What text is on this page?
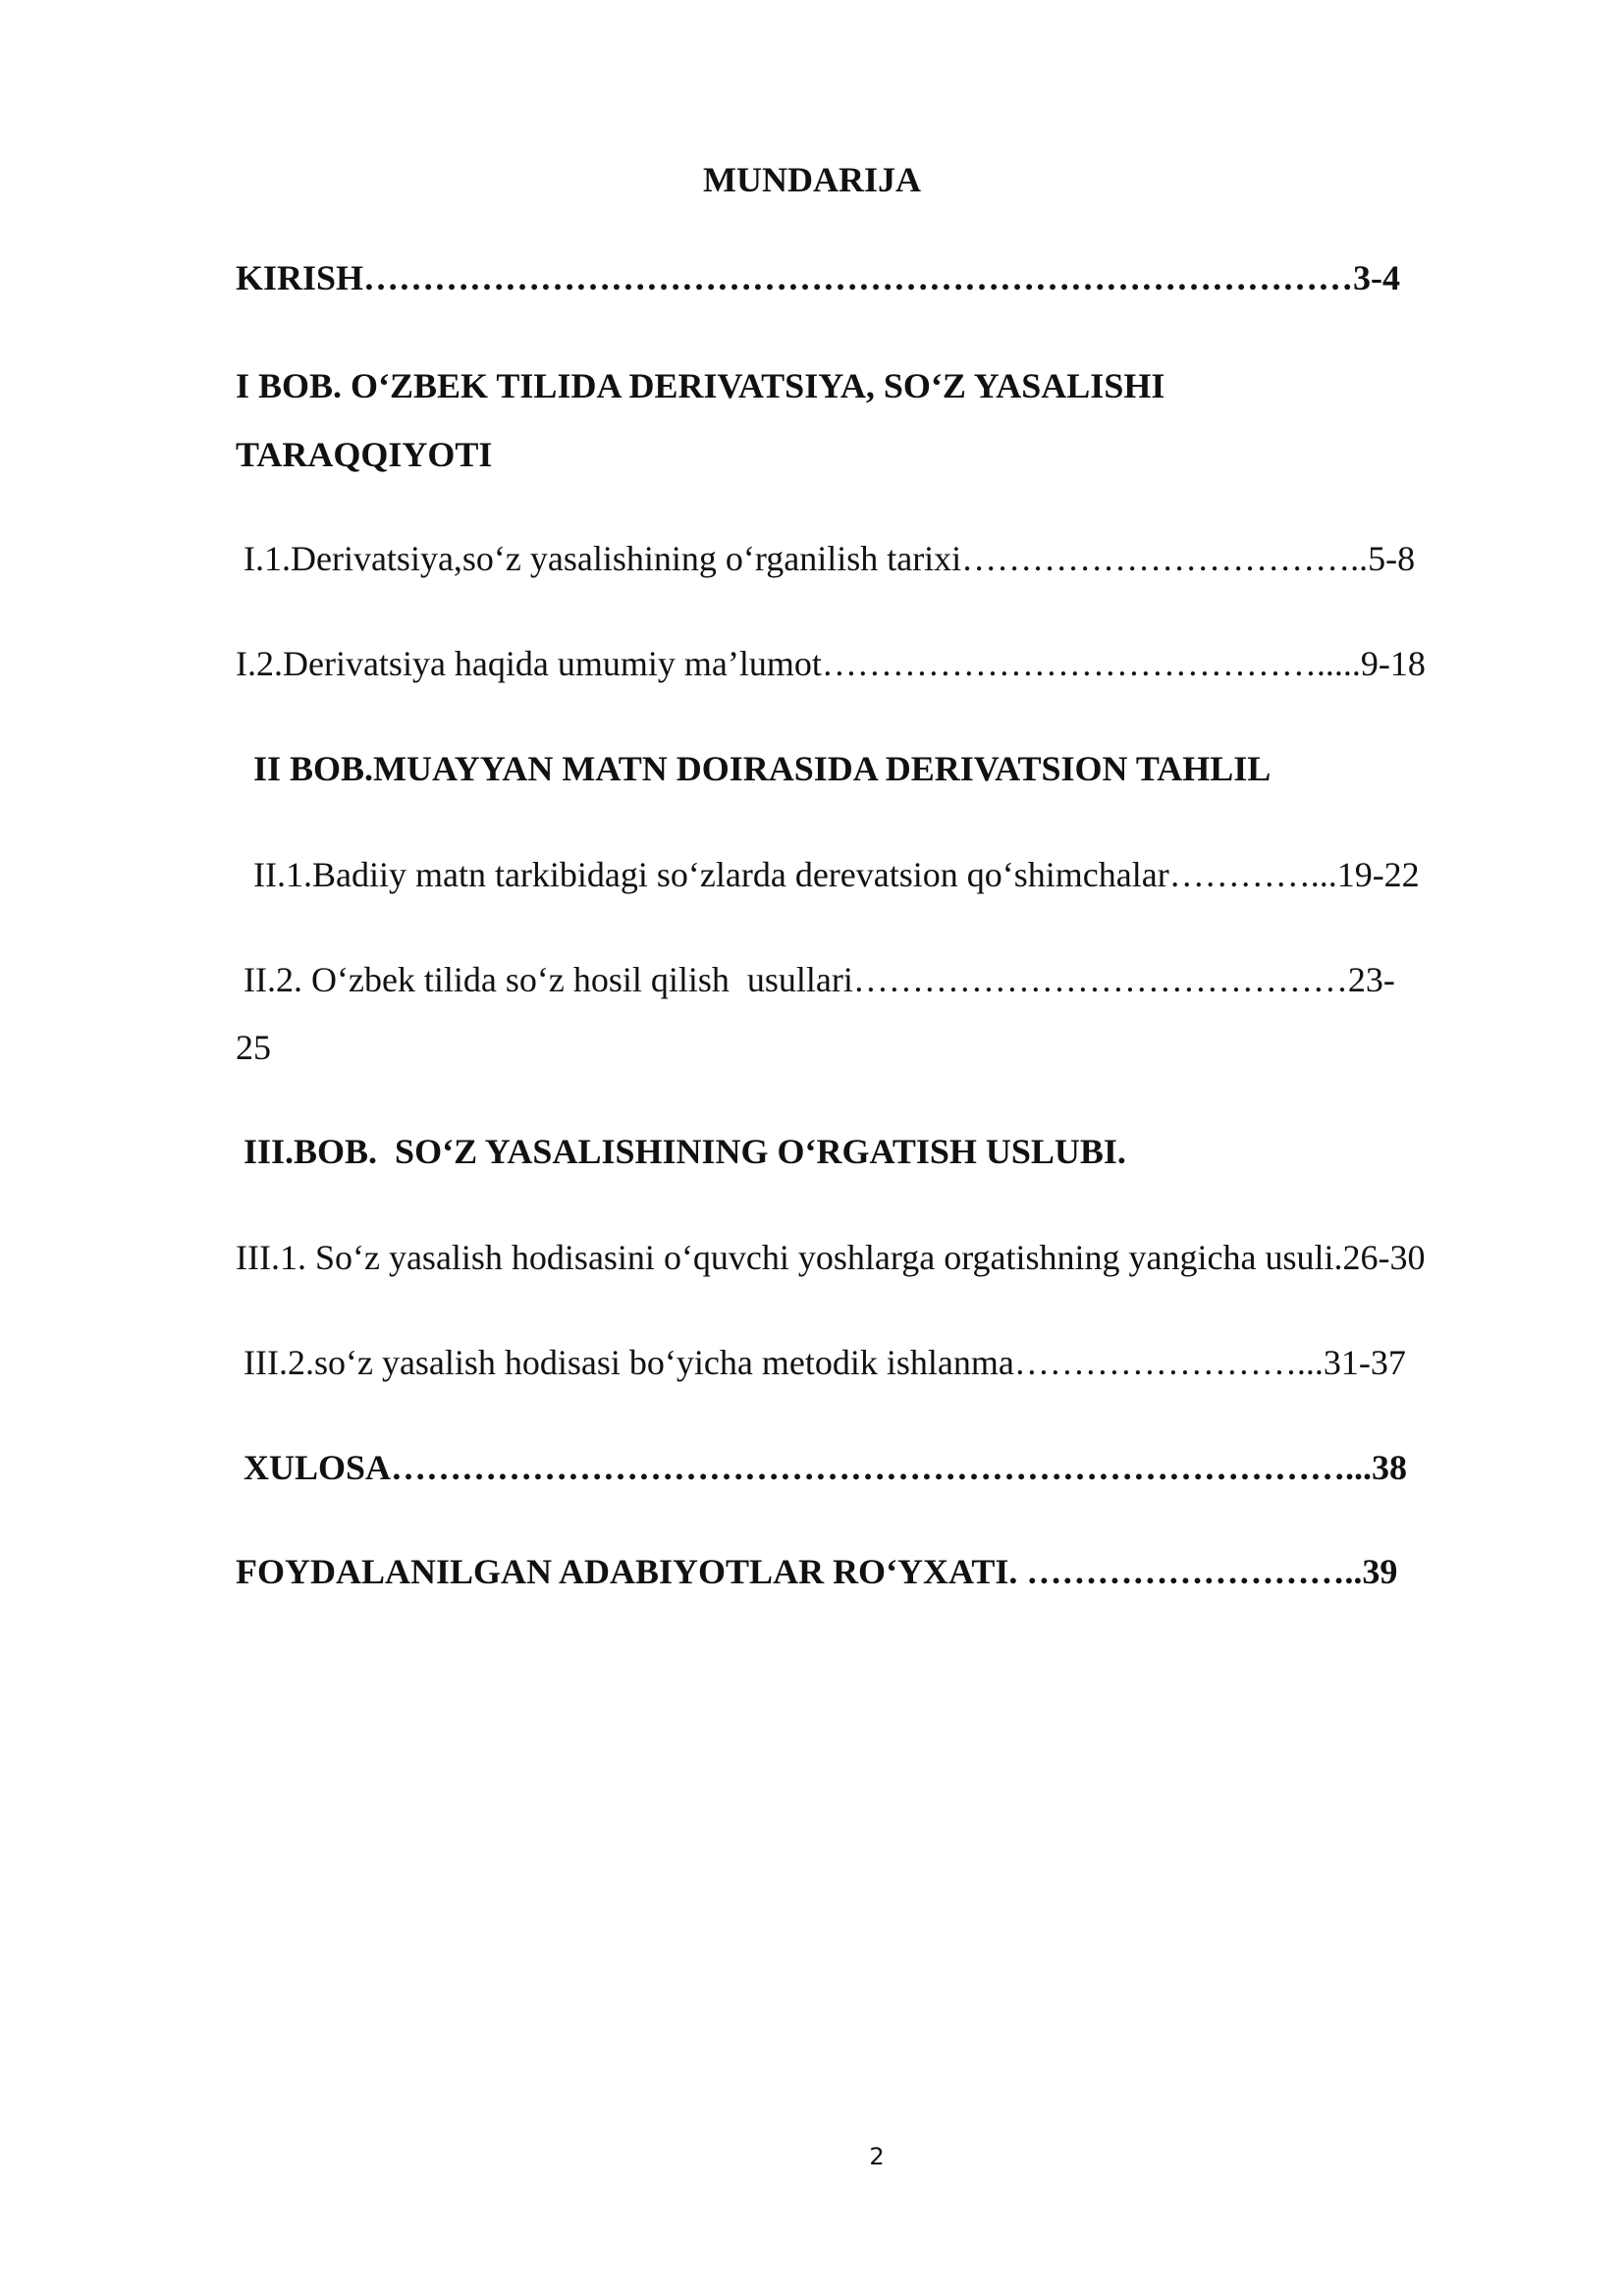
MUNDARIJA
KIRISH…………………………………………………………………………3-4
I BOB. O‘ZBEK TILIDA DERIVATSIYA, SO‘Z YASALISHI
TARAQQIYOTI
I.1.Derivatsiya,so‘z yasalishining o‘rganilish tarixi……………………………..5-8
I.2.Derivatsiya haqida umumiy ma’lumot…………………………………….....9-18
II BOB.MUAYYAN MATN DOIRASIDA DERIVATSION TAHLIL
II.1.Badiiy matn tarkibidagi so‘zlarda derevatsion qo‘shimchalar…………...19-22
II.2. O‘zbek tilida so‘z hosil qilish  usullari……………………………………23-
25
III.BOB.  SO‘Z YASALISHINING O‘RGATISH USLUBI.
III.1. So‘z yasalish hodisasini o‘quvchi yoshlarga orgatishning yangicha usuli.26-30
III.2.so‘z yasalish hodisasi bo‘yicha metodik ishlanma……………………...31-37
XULOSA………………………………………………………………………...38
FOYDALANILGAN ADABIYOTLAR RO‘YXATI. ………………………..39
2
